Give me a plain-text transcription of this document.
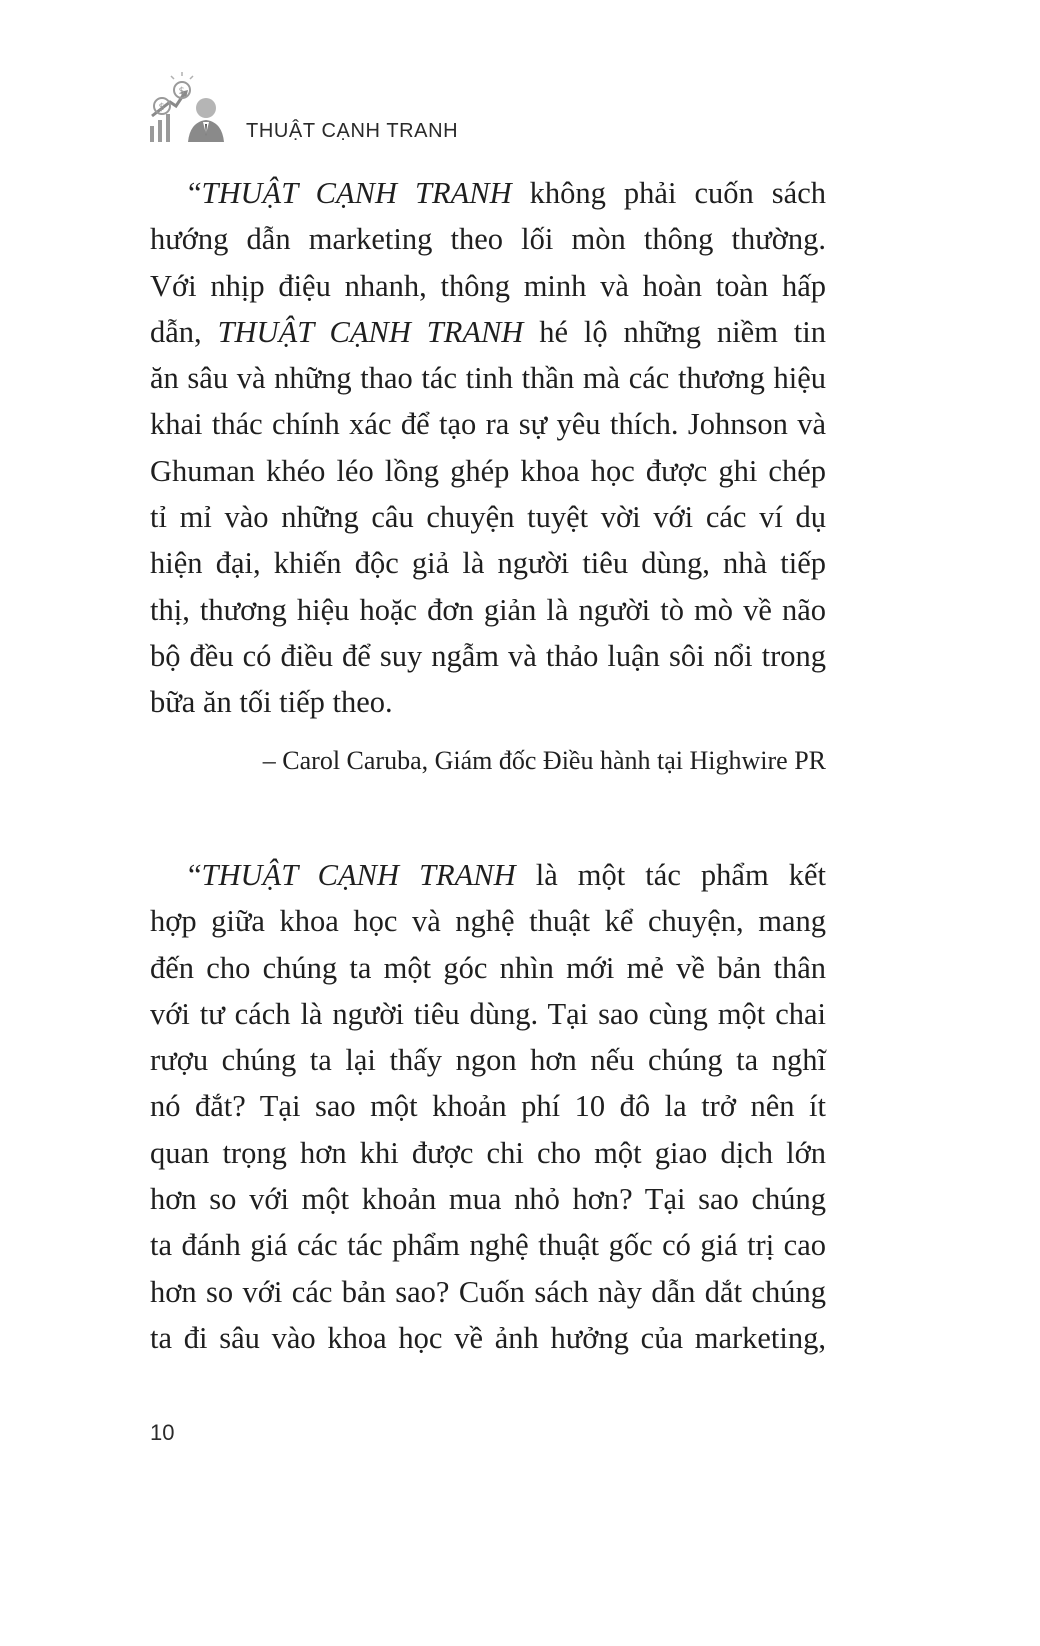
$
$
THUẬT CẠNH TRANH
“THUẬT CẠNH TRANH không phải cuốn sách
hướng dẫn marketing theo lối mòn thông thường.
Với nhịp điệu nhanh, thông minh và hoàn toàn hấp
dẫn, THUẬT CẠNH TRANH hé lộ những niềm tin
ăn sâu và những thao tác tinh thần mà các thương hiệu
khai thác chính xác để tạo ra sự yêu thích. Johnson và
Ghuman khéo léo lồng ghép khoa học được ghi chép
tỉ mỉ vào những câu chuyện tuyệt vời với các ví dụ
hiện đại, khiến độc giả là người tiêu dùng, nhà tiếp
thị, thương hiệu hoặc đơn giản là người tò mò về não
bộ đều có điều để suy ngẫm và thảo luận sôi nổi trong
bữa ăn tối tiếp theo.
– Carol Caruba, Giám đốc Điều hành tại Highwire PR
“THUẬT CẠNH TRANH là một tác phẩm kết
hợp giữa khoa học và nghệ thuật kể chuyện, mang
đến cho chúng ta một góc nhìn mới mẻ về bản thân
với tư cách là người tiêu dùng. Tại sao cùng một chai
rượu chúng ta lại thấy ngon hơn nếu chúng ta nghĩ
nó đắt? Tại sao một khoản phí 10 đô la trở nên ít
quan trọng hơn khi được chi cho một giao dịch lớn
hơn so với một khoản mua nhỏ hơn? Tại sao chúng
ta đánh giá các tác phẩm nghệ thuật gốc có giá trị cao
hơn so với các bản sao? Cuốn sách này dẫn dắt chúng
ta đi sâu vào khoa học về ảnh hưởng của marketing,
10
